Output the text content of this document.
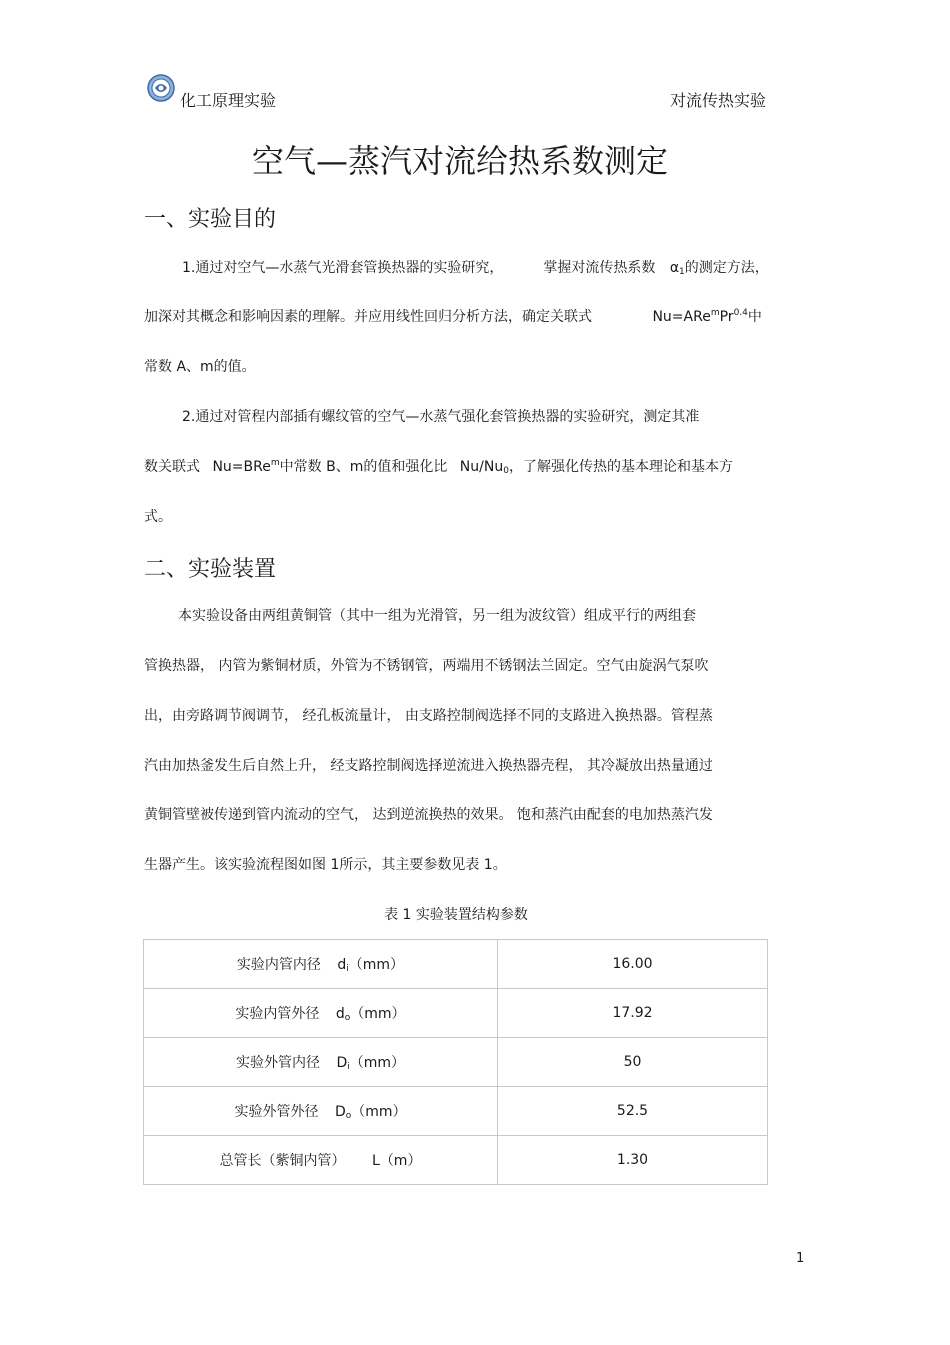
化工原理实验	对流传热实验
空气—蒸汽对流给热系数测定
一、实验目的
1.通过对空气—水蒸气光滑套管换热器的实验研究，	掌握对流传热系数 $\alpha_1$的测定方法，
加深对其概念和影响因素的理解。并应用线性回归分析方法，确定关联式	$Nu=ARe^mPr^{0.4}$中
常数 A、m的值。
2.通过对管程内部插有螺纹管的空气—水蒸气强化套管换热器的实验研究，测定其准
数关联式 Nu=BRe$^m$中常数 B、m的值和强化比 $Nu/Nu_0$，了解强化传热的基本理论和基本方
式。
二、实验装置
本实验设备由两组黄铜管（其中一组为光滑管，另一组为波纹管）组成平行的两组套
管换热器， 内管为紫铜材质，外管为不锈钢管，两端用不锈钢法兰固定。空气由旋涡气泵吹
出，由旁路调节阀调节， 经孔板流量计， 由支路控制阀选择不同的支路进入换热器。管程蒸
汽由加热釜发生后自然上升， 经支路控制阀选择逆流进入换热器壳程， 其冷凝放出热量通过
黄铜管壁被传递到管内流动的空气， 达到逆流换热的效果。 饱和蒸汽由配套的电加热蒸汽发
生器产生。该实验流程图如图 1所示，其主要参数见表 1。
表 1 实验装置结构参数
实验内管内径 $d_i(mm)$	16.00
实验内管外径 $d_o(mm)$	17.92
实验外管内径 $D_i(mm)$	50
实验外管外径 $D_o(mm)$	52.5
总管长（紫铜内管） L（m）	1.30
1
